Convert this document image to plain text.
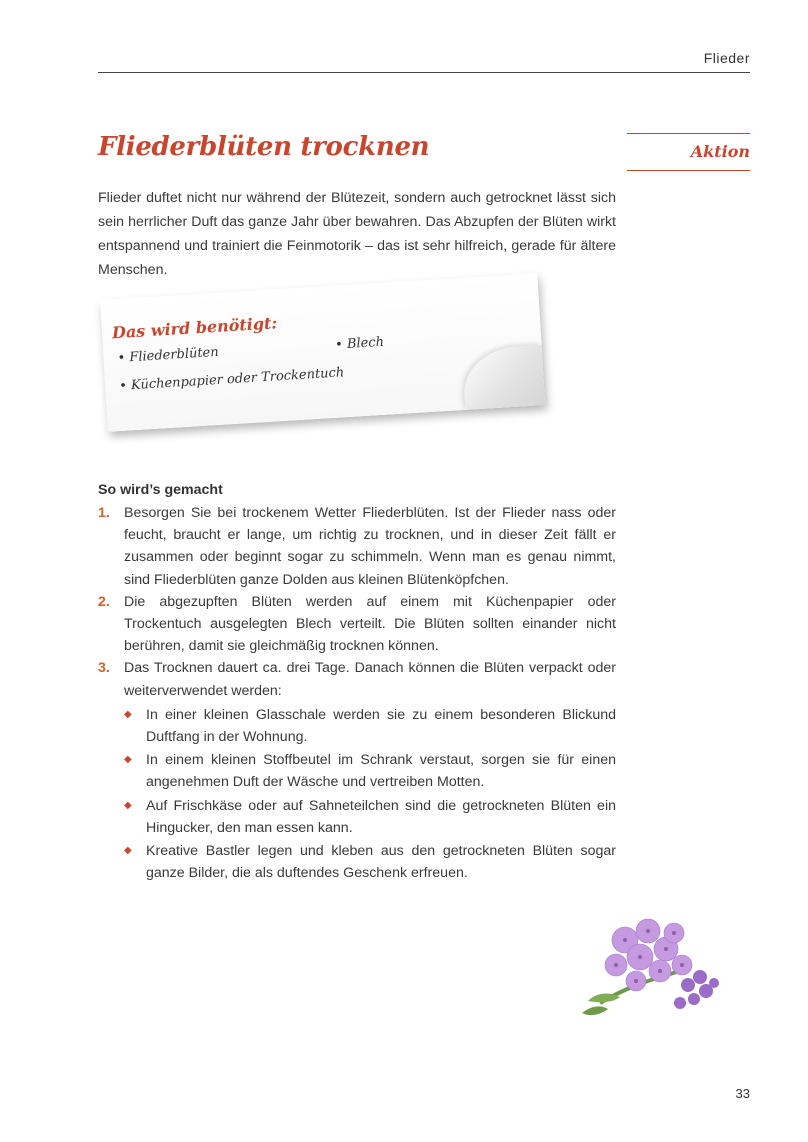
Flieder
Aktion
Fliederblüten trocknen

Flieder duftet nicht nur während der Blütezeit, sondern auch getrocknet lässt sich sein herrlicher Duft das ganze Jahr über bewahren. Das Abzupfen der Blüten wirkt entspannend und trainiert die Feinmotorik – das ist sehr hilfreich, gerade für ältere Menschen.

Das wird benötigt:
• Fliederblüten
• Küchenpapier oder Trockentuch
• Blech
So wird’s gemacht
1. Besorgen Sie bei trockenem Wetter Fliederblüten. Ist der Flieder nass oder feucht, braucht er lange, um richtig zu trocknen, und in dieser Zeit fällt er zusammen oder beginnt sogar zu schimmeln. Wenn man es genau nimmt, sind Fliederblüten ganze Dolden aus kleinen Blütenköpfchen.
2. Die abgezupften Blüten werden auf einem mit Küchenpapier oder Trockentuch ausgelegten Blech verteilt. Die Blüten sollten einander nicht berühren, damit sie gleichmäßig trocknen können.
3. Das Trocknen dauert ca. drei Tage. Danach können die Blüten verpackt oder weiterverwendet werden:
◆ In einer kleinen Glasschale werden sie zu einem besonderen Blickund Duftfang in der Wohnung.
◆ In einem kleinen Stoffbeutel im Schrank verstaut, sorgen sie für einen angenehmen Duft der Wäsche und vertreiben Motten.
◆ Auf Frischkäse oder auf Sahneteilchen sind die getrockneten Blüten ein Hingucker, den man essen kann.
◆ Kreative Bastler legen und kleben aus den getrockneten Blüten sogar ganze Bilder, die als duftendes Geschenk erfreuen.
33
